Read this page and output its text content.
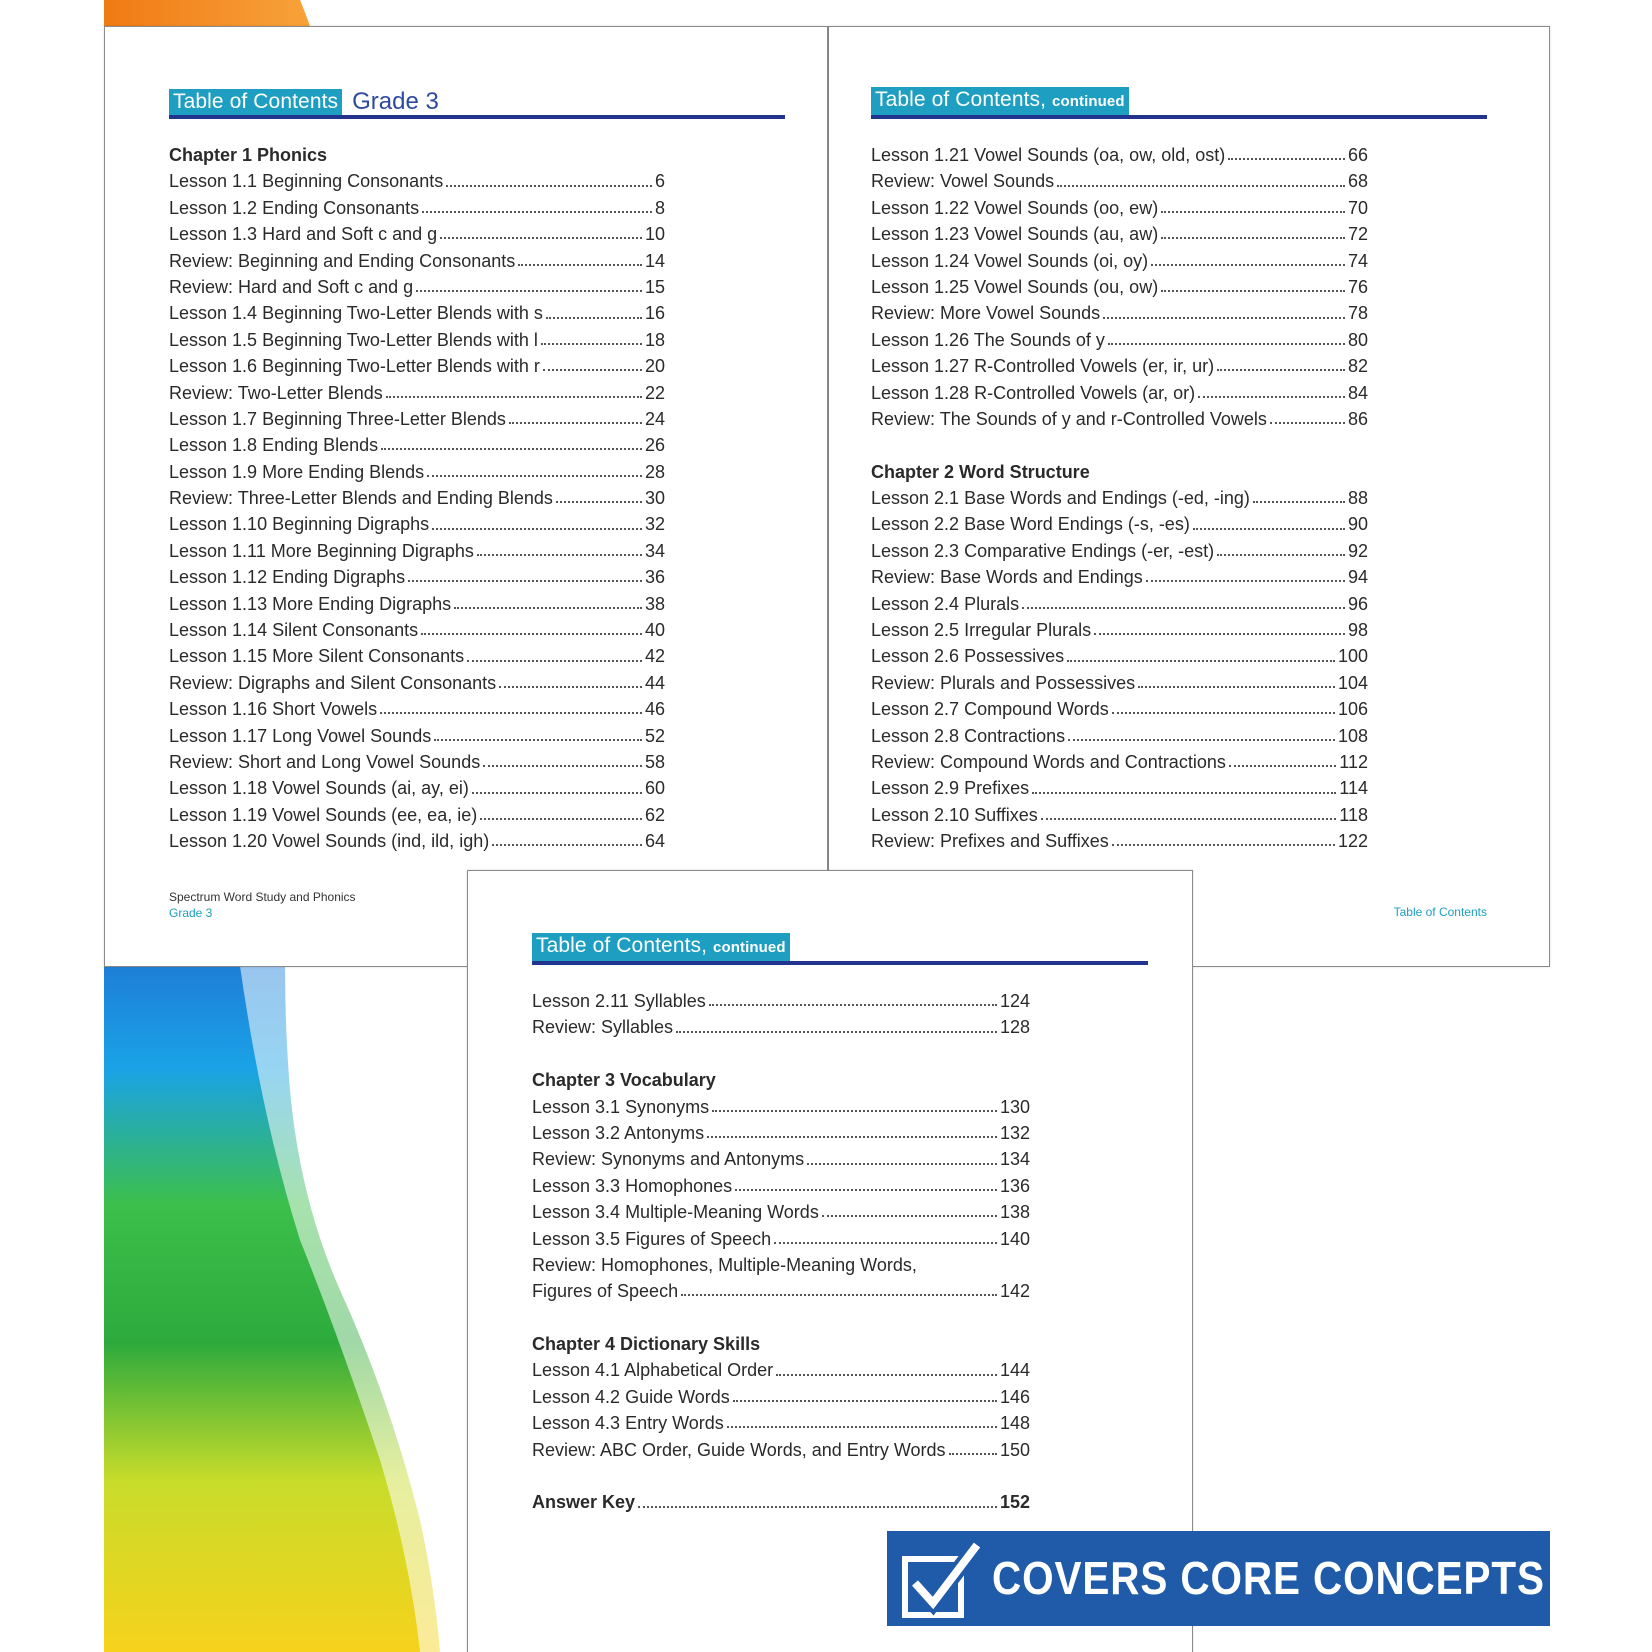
Table of Contents Grade 3
Chapter 1 Phonics
Lesson 1.1 Beginning Consonants	6
Lesson 1.2 Ending Consonants	8
Lesson 1.3 Hard and Soft c and g	10
Review: Beginning and Ending Consonants	14
Review: Hard and Soft c and g	15
Lesson 1.4 Beginning Two-Letter Blends with s	16
Lesson 1.5 Beginning Two-Letter Blends with l	18
Lesson 1.6 Beginning Two-Letter Blends with r	20
Review: Two-Letter Blends	22
Lesson 1.7 Beginning Three-Letter Blends	24
Lesson 1.8 Ending Blends	26
Lesson 1.9 More Ending Blends	28
Review: Three-Letter Blends and Ending Blends	30
Lesson 1.10 Beginning Digraphs	32
Lesson 1.11 More Beginning Digraphs	34
Lesson 1.12 Ending Digraphs	36
Lesson 1.13 More Ending Digraphs	38
Lesson 1.14 Silent Consonants	40
Lesson 1.15 More Silent Consonants	42
Review: Digraphs and Silent Consonants	44
Lesson 1.16 Short Vowels	46
Lesson 1.17 Long Vowel Sounds	52
Review: Short and Long Vowel Sounds	58
Lesson 1.18 Vowel Sounds (ai, ay, ei)	60
Lesson 1.19 Vowel Sounds (ee, ea, ie)	62
Lesson 1.20 Vowel Sounds (ind, ild, igh)	64
Spectrum Word Study and Phonics
Grade 3
Table of Contents, continued
Lesson 1.21 Vowel Sounds (oa, ow, old, ost)	66
Review: Vowel Sounds	68
Lesson 1.22 Vowel Sounds (oo, ew)	70
Lesson 1.23 Vowel Sounds (au, aw)	72
Lesson 1.24 Vowel Sounds (oi, oy)	74
Lesson 1.25 Vowel Sounds (ou, ow)	76
Review: More Vowel Sounds	78
Lesson 1.26 The Sounds of y	80
Lesson 1.27 R-Controlled Vowels (er, ir, ur)	82
Lesson 1.28 R-Controlled Vowels (ar, or)	84
Review: The Sounds of y and r-Controlled Vowels	86
Chapter 2 Word Structure
Lesson 2.1 Base Words and Endings (-ed, -ing)	88
Lesson 2.2 Base Word Endings (-s, -es)	90
Lesson 2.3 Comparative Endings (-er, -est)	92
Review: Base Words and Endings	94
Lesson 2.4 Plurals	96
Lesson 2.5 Irregular Plurals	98
Lesson 2.6 Possessives	100
Review: Plurals and Possessives	104
Lesson 2.7 Compound Words	106
Lesson 2.8 Contractions	108
Review: Compound Words and Contractions	112
Lesson 2.9 Prefixes	114
Lesson 2.10 Suffixes	118
Review: Prefixes and Suffixes	122
Table of Contents
Table of Contents, continued
Lesson 2.11 Syllables	124
Review: Syllables	128
Chapter 3 Vocabulary
Lesson 3.1 Synonyms	130
Lesson 3.2 Antonyms	132
Review: Synonyms and Antonyms	134
Lesson 3.3 Homophones	136
Lesson 3.4 Multiple-Meaning Words	138
Lesson 3.5 Figures of Speech	140
Review: Homophones, Multiple-Meaning Words,
Figures of Speech	142
Chapter 4 Dictionary Skills
Lesson 4.1 Alphabetical Order	144
Lesson 4.2 Guide Words	146
Lesson 4.3 Entry Words	148
Review: ABC Order, Guide Words, and Entry Words	150
Answer Key	152
COVERS CORE CONCEPTS
